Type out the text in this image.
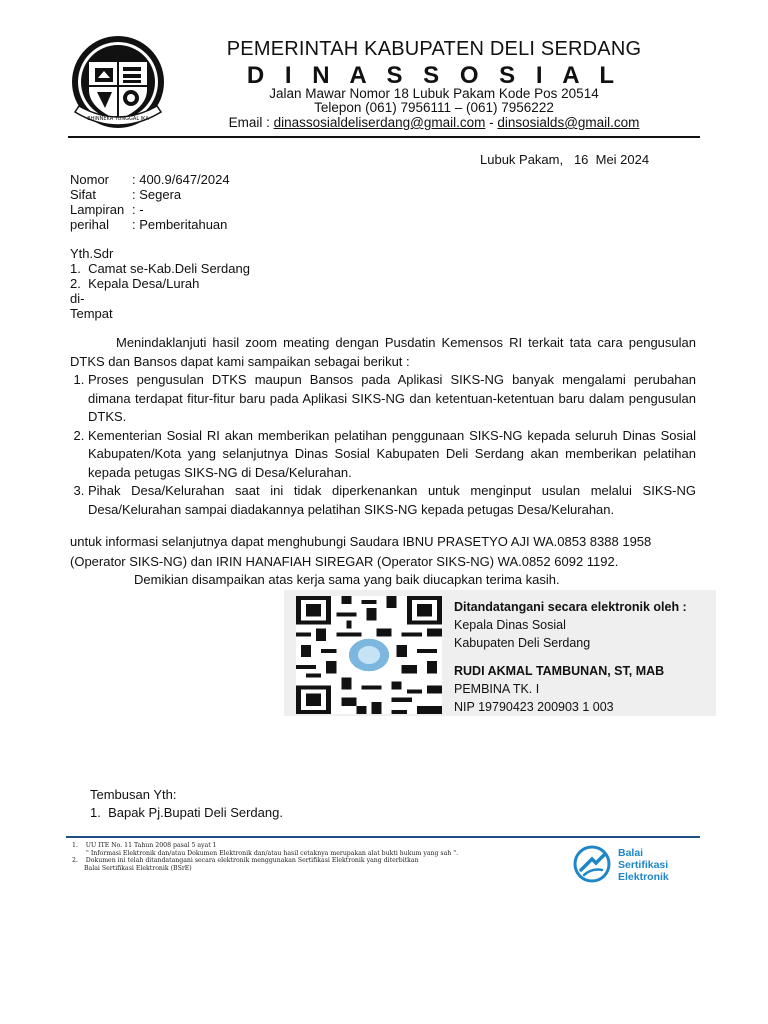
BHINNEKA TUNGGAL IKA
PEMERINTAH KABUPATEN DELI SERDANG
D I N A S S O S I A L
Jalan Mawar Nomor 18 Lubuk Pakam Kode Pos 20514
Telepon (061) 7956111 – (061) 7956222
Email : dinassosialdeliserdang@gmail.com - dinsosialds@gmail.com
Lubuk Pakam,   16  Mei 2024
Nomor	: 400.9/647/2024
Sifat	: Segera
Lampiran : -
perihal	: Pemberitahuan
Yth.Sdr
1.  Camat se-Kab.Deli Serdang
2.  Kepala Desa/Lurah
di-
Tempat
Menindaklanjuti hasil zoom meating dengan Pusdatin Kemensos RI terkait tata cara pengusulan DTKS dan Bansos dapat kami sampaikan sebagai berikut :
1. Proses pengusulan DTKS maupun Bansos pada Aplikasi SIKS-NG banyak mengalami perubahan dimana terdapat fitur-fitur baru pada Aplikasi SIKS-NG dan ketentuan-ketentuan baru dalam pengusulan DTKS.
2. Kementerian Sosial RI akan memberikan pelatihan penggunaan SIKS-NG kepada seluruh Dinas Sosial Kabupaten/Kota yang selanjutnya Dinas Sosial Kabupaten Deli Serdang akan memberikan pelatihan kepada petugas SIKS-NG di Desa/Kelurahan.
3. Pihak Desa/Kelurahan saat ini tidak diperkenankan untuk menginput usulan melalui SIKS-NG Desa/Kelurahan sampai diadakannya pelatihan SIKS-NG kepada petugas Desa/Kelurahan.
untuk informasi selanjutnya dapat menghubungi Saudara IBNU PRASETYO AJI WA.0853 8388 1958 (Operator SIKS-NG) dan IRIN HANAFIAH SIREGAR (Operator SIKS-NG) WA.0852 6092 1192.
Demikian disampaikan atas kerja sama yang baik diucapkan terima kasih.
Ditandatangani secara elektronik oleh :
Kepala Dinas Sosial
Kabupaten Deli Serdang
RUDI AKMAL TAMBUNAN, ST, MAB
PEMBINA TK. I
NIP 19790423 200903 1 003
Tembusan Yth:
1.  Bapak Pj.Bupati Deli Serdang.
1.    UU ITE No. 11 Tahun 2008 pasal 5 ayat 1
" Informasi Elektronik dan/atau Dokumen Elektronik dan/atau hasil cetaknya merupakan alat bukti hukum yang sah ".
2.    Dokumen ini telah ditandatangani secara elektronik menggunakan Sertifikasi Elektronik yang diterbitkan
Balai Sertifikasi Elektronik (BSrE)
Balai
Sertifikasi
Elektronik
